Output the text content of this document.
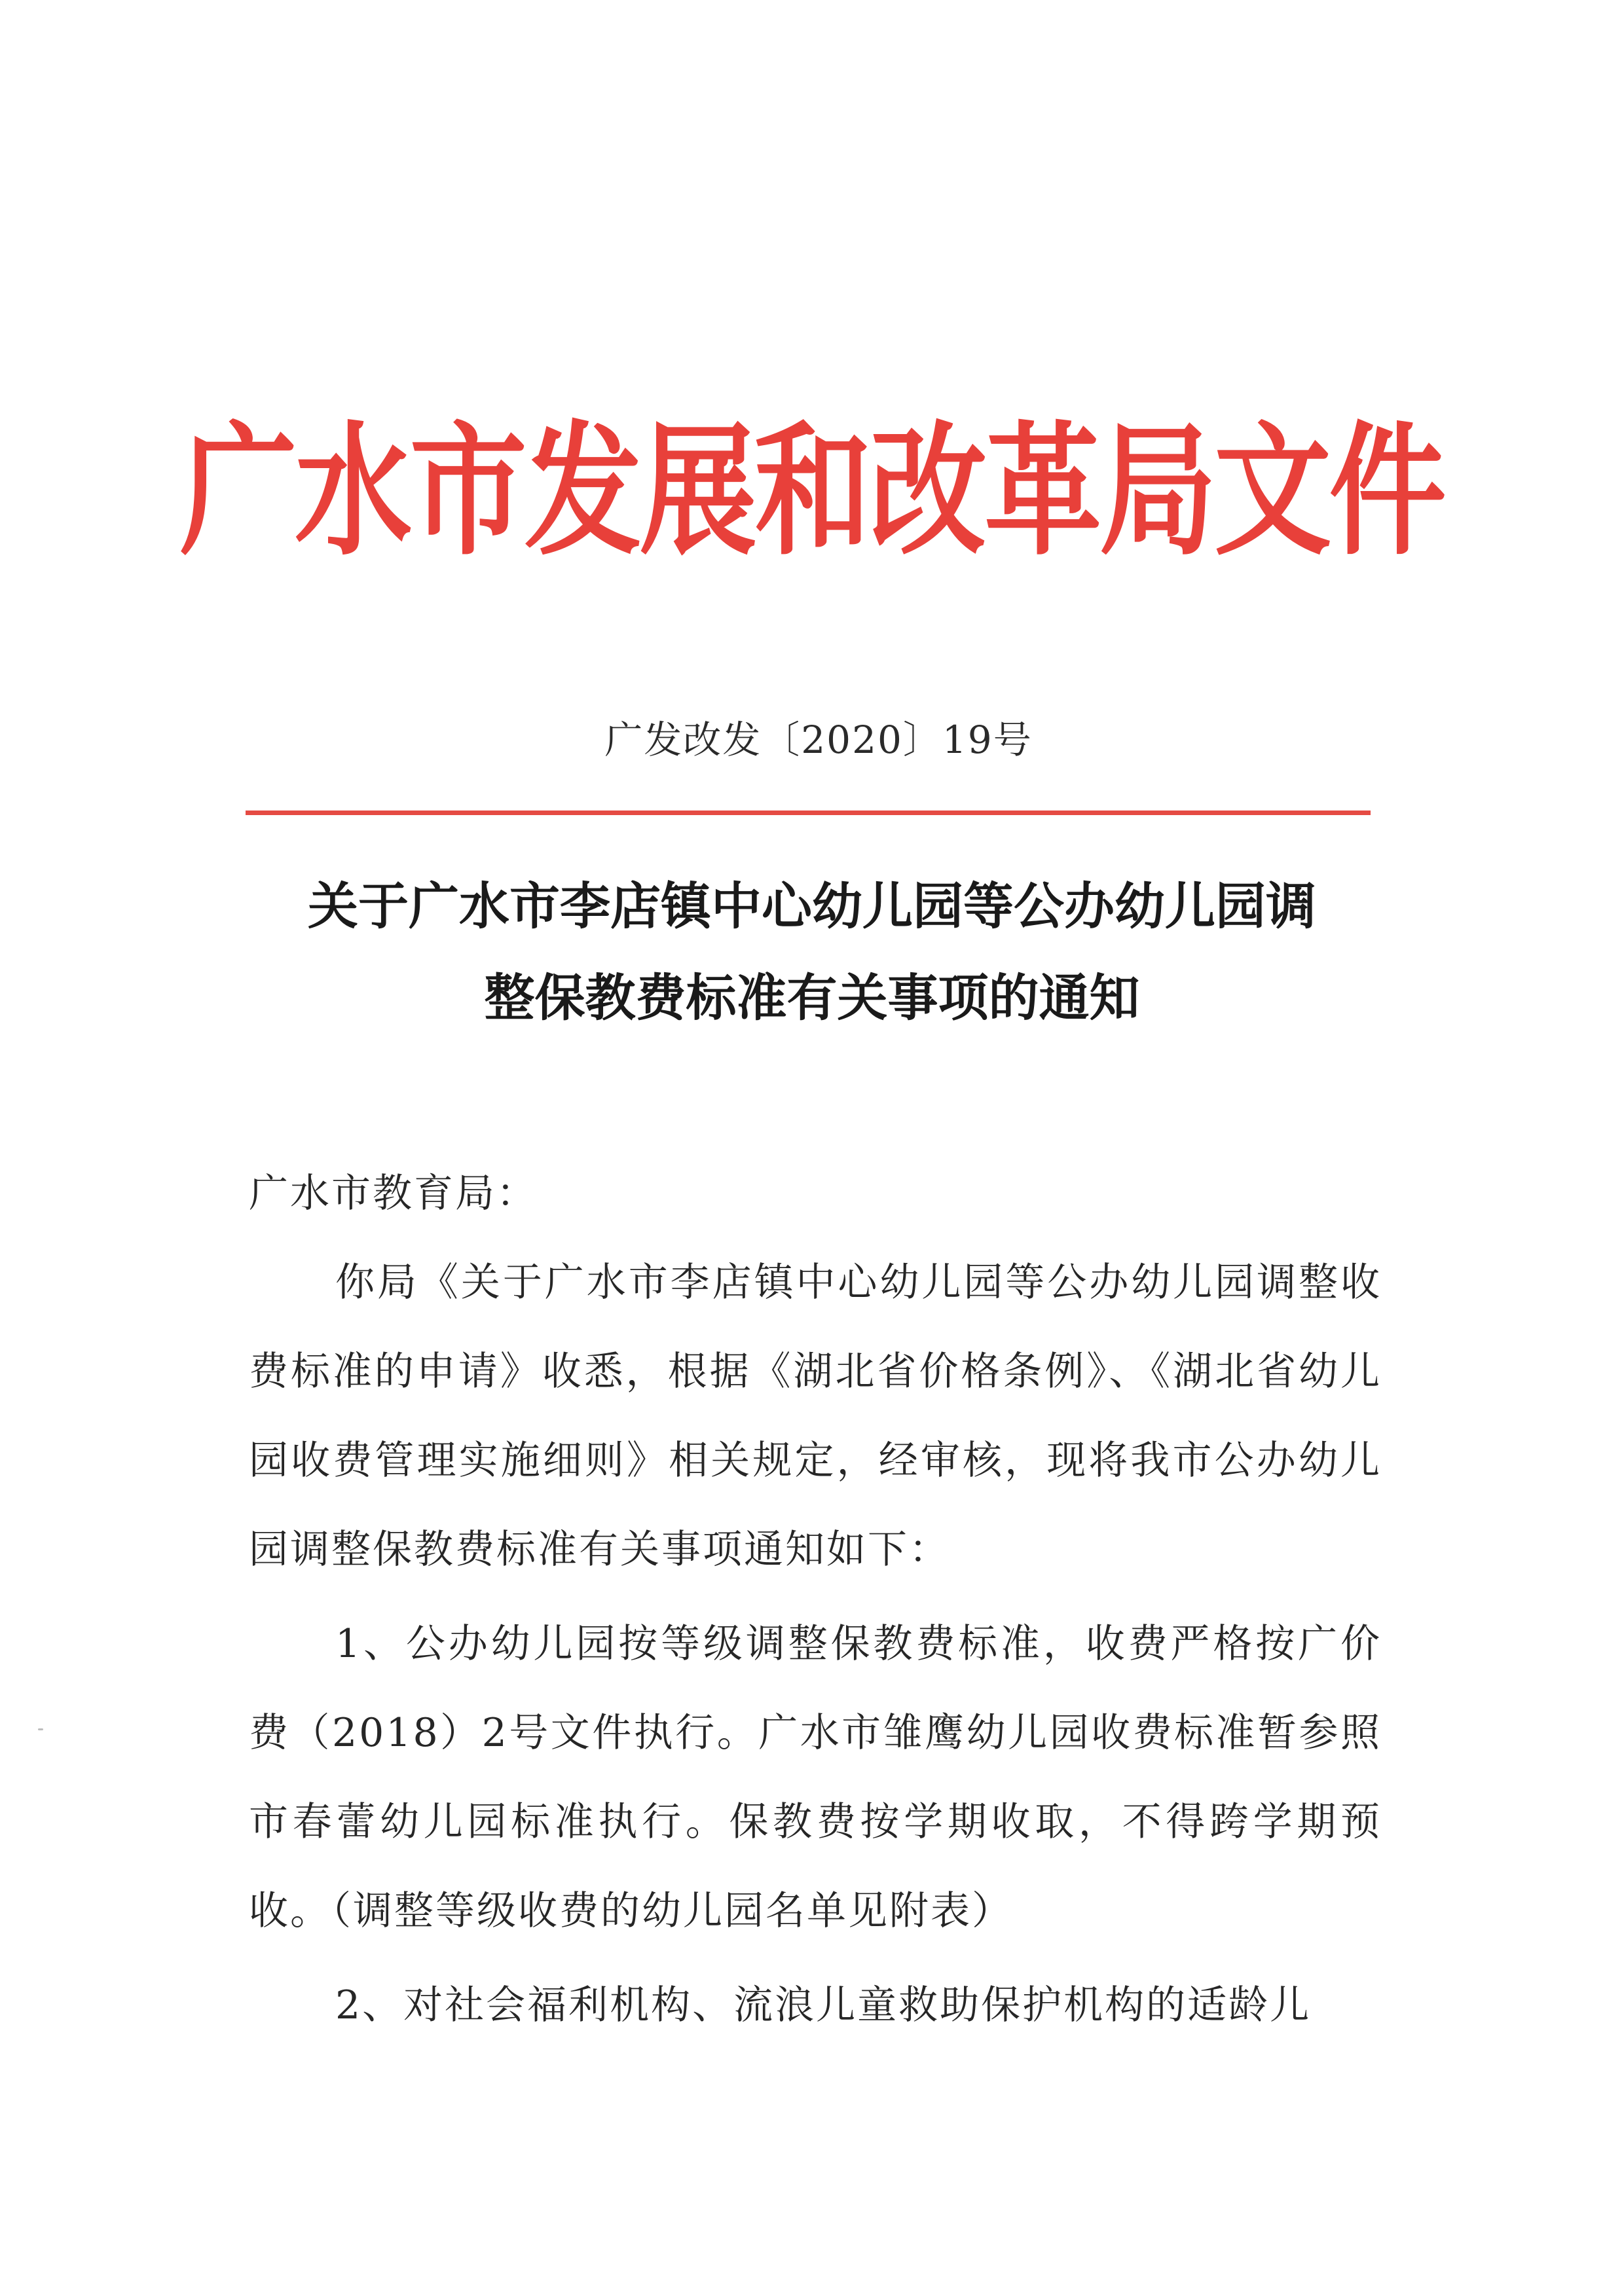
广水市发展和改革局文件
广发改发〔2020〕19号
关于广水市李店镇中心幼儿园等公办幼儿园调
整保教费标准有关事项的通知

广水市教育局：

你局《关于广水市李店镇中心幼儿园等公办幼儿园调整收费标准的申请》收悉，根据《湖北省价格条例》、《湖北省幼儿园收费管理实施细则》相关规定，经审核，现将我市公办幼儿园调整保教费标准有关事项通知如下：

1、公办幼儿园按等级调整保教费标准，收费严格按广价费（2018）2号文件执行。广水市雏鹰幼儿园收费标准暂参照市春蕾幼儿园标准执行。保教费按学期收取，不得跨学期预收。（调整等级收费的幼儿园名单见附表）

2、对社会福利机构、流浪儿童救助保护机构的适龄儿
